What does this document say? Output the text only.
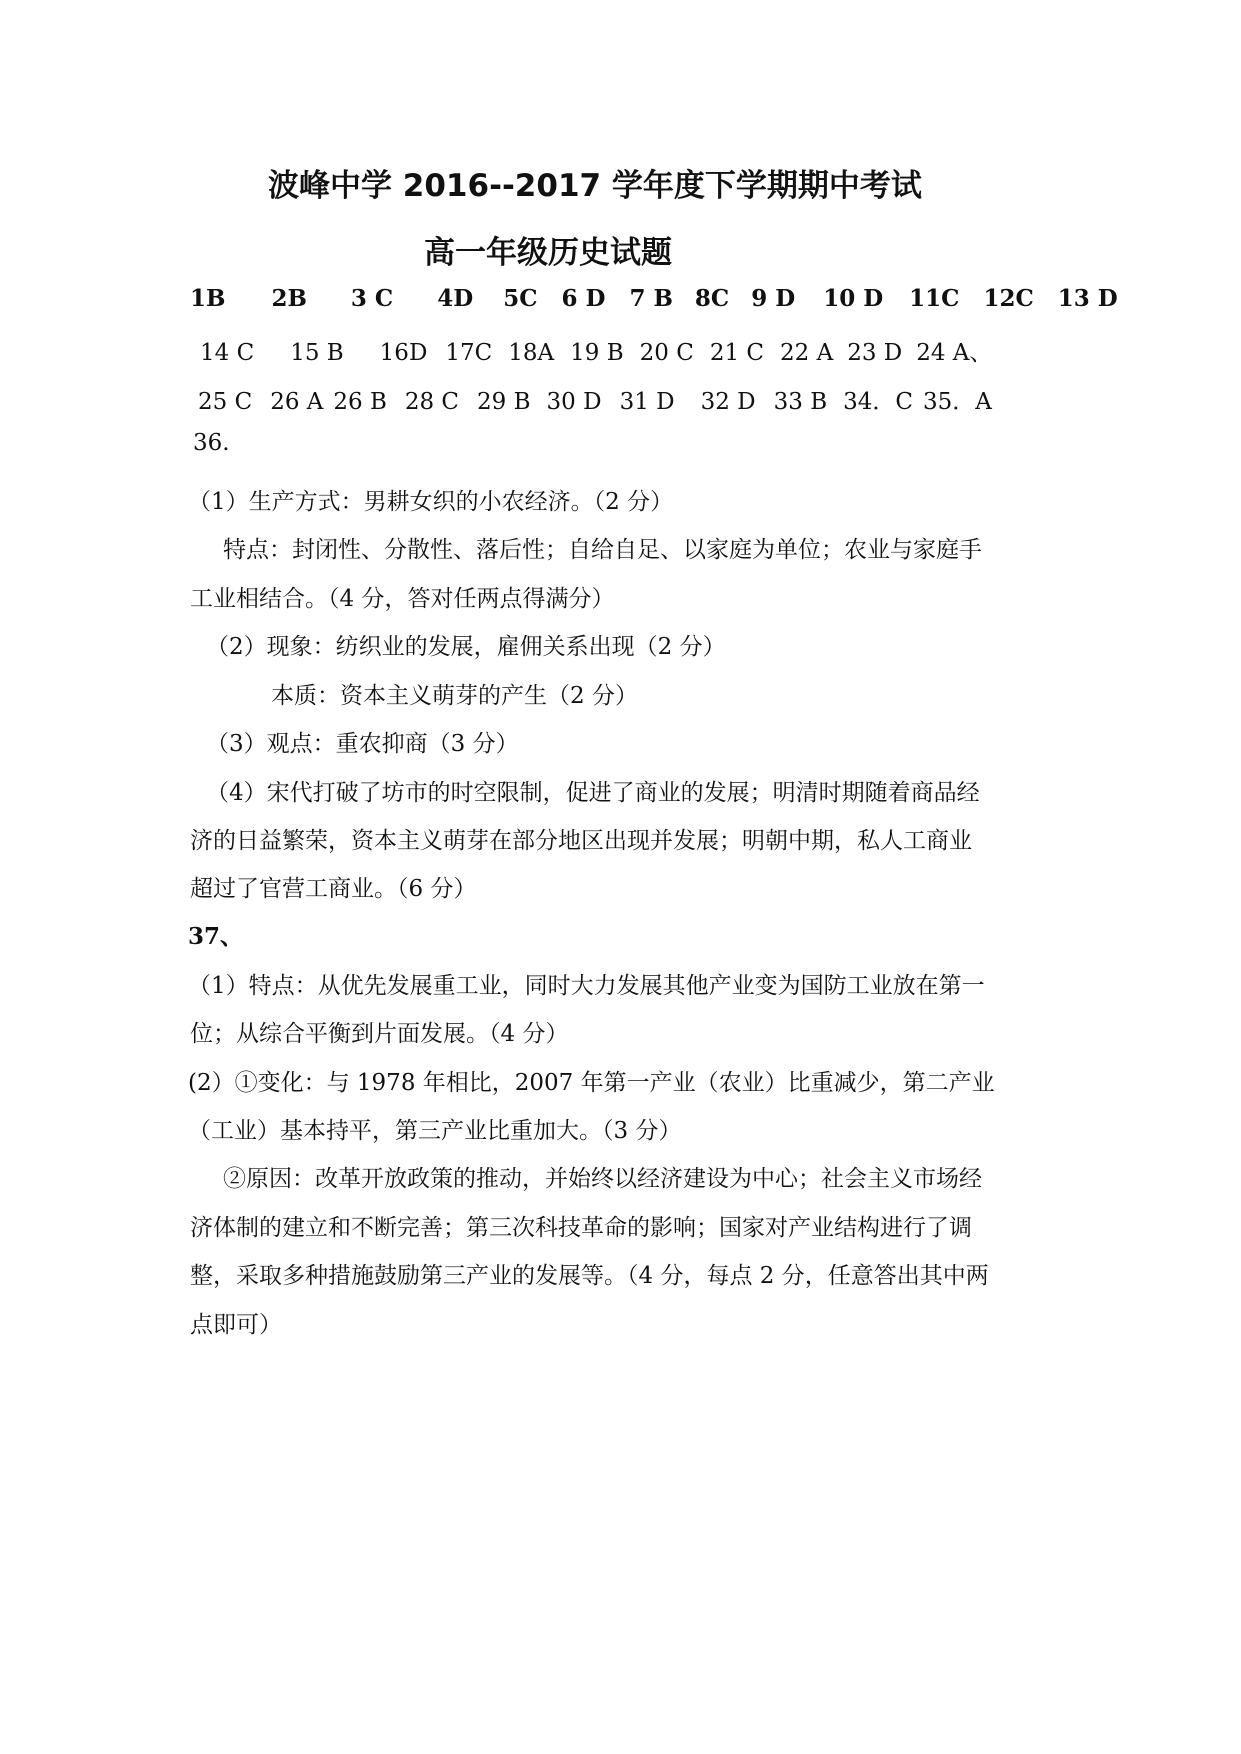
波峰中学 2016--2017 学年度下学期期中考试
高一年级历史试题
1B 2B 3 C 4D 5C 6 D 7 B 8C 9 D 10 D 11C 12C 13 D
14 C 15 B 16D 17C 18A 19 B 20 C 21 C 22 A 23 D 24 A、
25 C 26 A 26 B 28 C 29 B 30 D 31 D 32 D 33 B 34．C 35．A
36.
（1）生产方式：男耕女织的小农经济。（2 分）
特点：封闭性、分散性、落后性；自给自足、以家庭为单位；农业与家庭手
工业相结合。（4 分，答对任两点得满分）
（2）现象：纺织业的发展，雇佣关系出现（2 分）
本质：资本主义萌芽的产生（2 分）
（3）观点：重农抑商（3 分）
（4）宋代打破了坊市的时空限制，促进了商业的发展；明清时期随着商品经
济的日益繁荣，资本主义萌芽在部分地区出现并发展；明朝中期，私人工商业
超过了官营工商业。（6 分）
37、
（1）特点：从优先发展重工业，同时大力发展其他产业变为国防工业放在第一
位；从综合平衡到片面发展。（4 分）
(2）①变化：与 1978 年相比，2007 年第一产业（农业）比重减少，第二产业
（工业）基本持平，第三产业比重加大。（3 分）
②原因：改革开放政策的推动，并始终以经济建设为中心；社会主义市场经
济体制的建立和不断完善；第三次科技革命的影响；国家对产业结构进行了调
整，采取多种措施鼓励第三产业的发展等。（4 分，每点 2 分，任意答出其中两
点即可）
